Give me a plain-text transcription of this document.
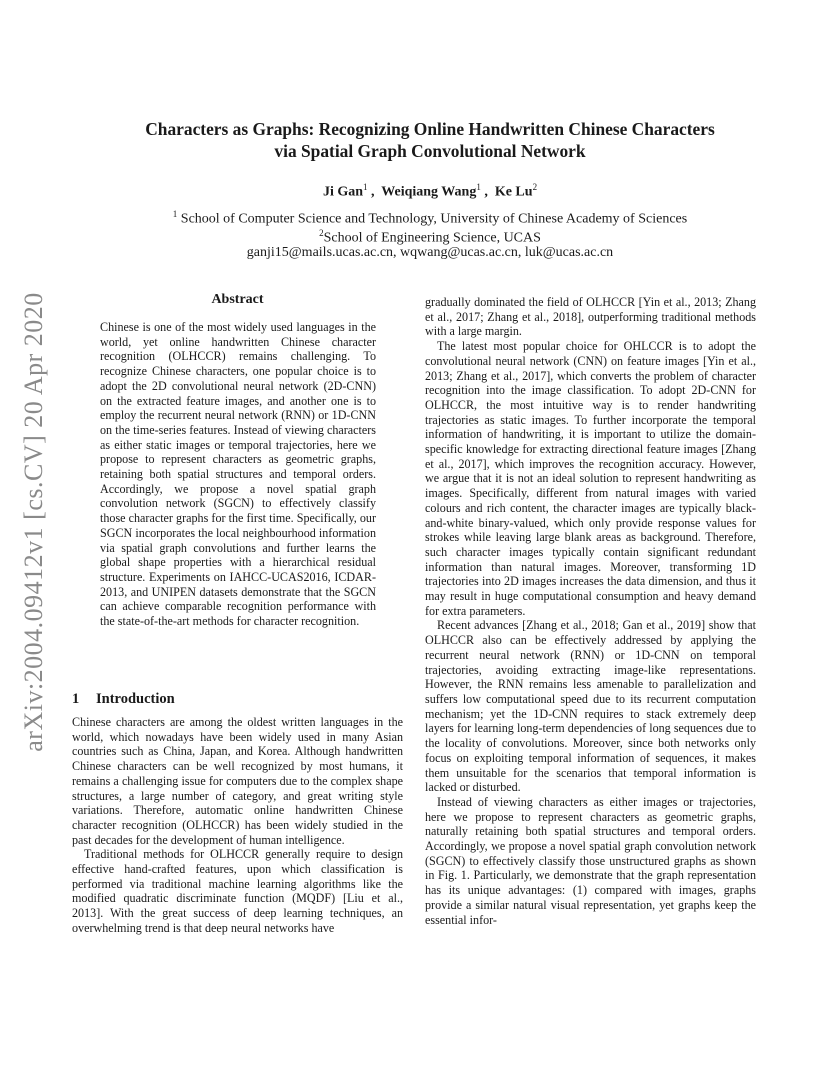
arXiv:2004.09412v1 [cs.CV] 20 Apr 2020
Characters as Graphs: Recognizing Online Handwritten Chinese Characters
via Spatial Graph Convolutional Network
Ji Gan$^1$ ,  Weiqiang Wang$^1$ ,  Ke Lu$^2$
$^1$ School of Computer Science and Technology, University of Chinese Academy of Sciences
$^2$School of Engineering Science, UCAS
ganji15@mails.ucas.ac.cn, wqwang@ucas.ac.cn, luk@ucas.ac.cn
Abstract
Chinese is one of the most widely used languages in the world, yet online handwritten Chinese character recognition (OLHCCR) remains challenging. To recognize Chinese characters, one popular choice is to adopt the 2D convolutional neural network (2D-CNN) on the extracted feature images, and another one is to employ the recurrent neural network (RNN) or 1D-CNN on the time-series features. Instead of viewing characters as either static images or temporal trajectories, here we propose to represent characters as geometric graphs, retaining both spatial structures and temporal orders. Accordingly, we propose a novel spatial graph convolution network (SGCN) to effectively classify those character graphs for the first time. Specifically, our SGCN incorporates the local neighbourhood information via spatial graph convolutions and further learns the global shape properties with a hierarchical residual structure. Experiments on IAHCC-UCAS2016, ICDAR-2013, and UNIPEN datasets demonstrate that the SGCN can achieve comparable recognition performance with the state-of-the-art methods for character recognition.
1 Introduction

Chinese characters are among the oldest written languages in the world, which nowadays have been widely used in many Asian countries such as China, Japan, and Korea. Although handwritten Chinese characters can be well recognized by most humans, it remains a challenging issue for computers due to the complex shape structures, a large number of category, and great writing style variations. Therefore, automatic online handwritten Chinese character recognition (OLHCCR) has been widely studied in the past decades for the development of human intelligence.

Traditional methods for OLHCCR generally require to design effective hand-crafted features, upon which classification is performed via traditional machine learning algorithms like the modified quadratic discriminate function (MQDF) [Liu et al., 2013]. With the great success of deep learning techniques, an overwhelming trend is that deep neural networks have

gradually dominated the field of OLHCCR [Yin et al., 2013; Zhang et al., 2017; Zhang et al., 2018], outperforming traditional methods with a large margin.

The latest most popular choice for OHLCCR is to adopt the convolutional neural network (CNN) on feature images [Yin et al., 2013; Zhang et al., 2017], which converts the problem of character recognition into the image classification. To adopt 2D-CNN for OLHCCR, the most intuitive way is to render handwriting trajectories as static images. To further incorporate the temporal information of handwriting, it is important to utilize the domain-specific knowledge for extracting directional feature images [Zhang et al., 2017], which improves the recognition accuracy. However, we argue that it is not an ideal solution to represent handwriting as images. Specifically, different from natural images with varied colours and rich content, the character images are typically black-and-white binary-valued, which only provide response values for strokes while leaving large blank areas as background. Therefore, such character images typically contain significant redundant information than natural images. Moreover, transforming 1D trajectories into 2D images increases the data dimension, and thus it may result in huge computational consumption and heavy demand for extra parameters.

Recent advances [Zhang et al., 2018; Gan et al., 2019] show that OLHCCR also can be effectively addressed by applying the recurrent neural network (RNN) or 1D-CNN on temporal trajectories, avoiding extracting image-like representations. However, the RNN remains less amenable to parallelization and suffers low computational speed due to its recurrent computation mechanism; yet the 1D-CNN requires to stack extremely deep layers for learning long-term dependencies of long sequences due to the locality of convolutions. Moreover, since both networks only focus on exploiting temporal information of sequences, it makes them unsuitable for the scenarios that temporal information is lacked or disturbed.

Instead of viewing characters as either images or trajectories, here we propose to represent characters as geometric graphs, naturally retaining both spatial structures and temporal orders. Accordingly, we propose a novel spatial graph convolution network (SGCN) to effectively classify those unstructured graphs as shown in Fig. 1. Particularly, we demonstrate that the graph representation has its unique advantages: (1) compared with images, graphs provide a similar natural visual representation, yet graphs keep the essential infor-
